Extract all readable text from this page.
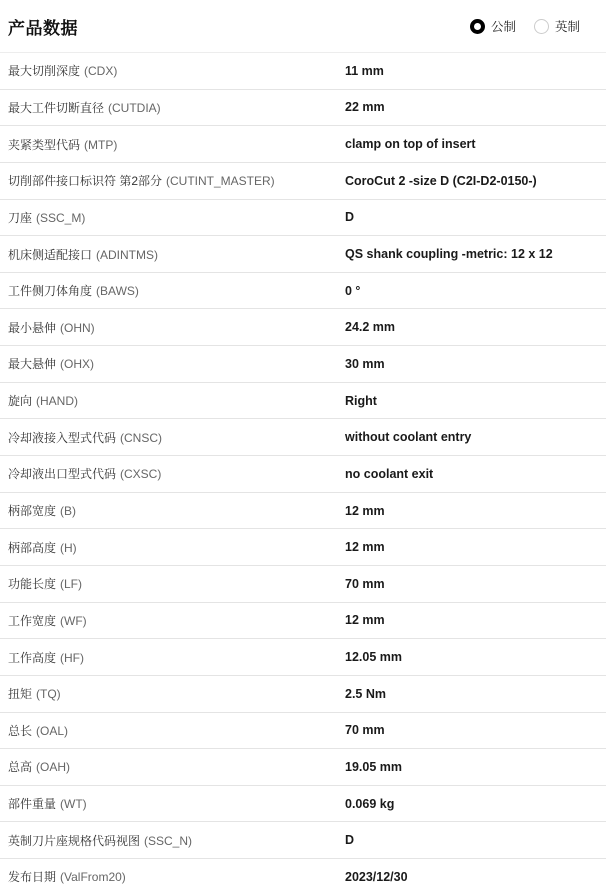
产品数据	公制	英制
最大切削深度 (CDX)	11 mm
最大工件切断直径 (CUTDIA)	22 mm
夹紧类型代码 (MTP)	clamp on top of insert
切削部件接口标识符 第2部分 (CUTINT_MASTER)	CoroCut 2 -size D (C2I-D2-0150-)
刀座 (SSC_M)	D
机床侧适配接口 (ADINTMS)	QS shank coupling -metric: 12 x 12
工件侧刀体角度 (BAWS)	0 °
最小悬伸 (OHN)	24.2 mm
最大悬伸 (OHX)	30 mm
旋向 (HAND)	Right
冷却液接入型式代码 (CNSC)	without coolant entry
冷却液出口型式代码 (CXSC)	no coolant exit
柄部宽度 (B)	12 mm
柄部高度 (H)	12 mm
功能长度 (LF)	70 mm
工作宽度 (WF)	12 mm
工作高度 (HF)	12.05 mm
扭矩 (TQ)	2.5 Nm
总长 (OAL)	70 mm
总高 (OAH)	19.05 mm
部件重量 (WT)	0.069 kg
英制刀片座规格代码视图 (SSC_N)	D
发布日期 (ValFrom20)	2023/12/30
